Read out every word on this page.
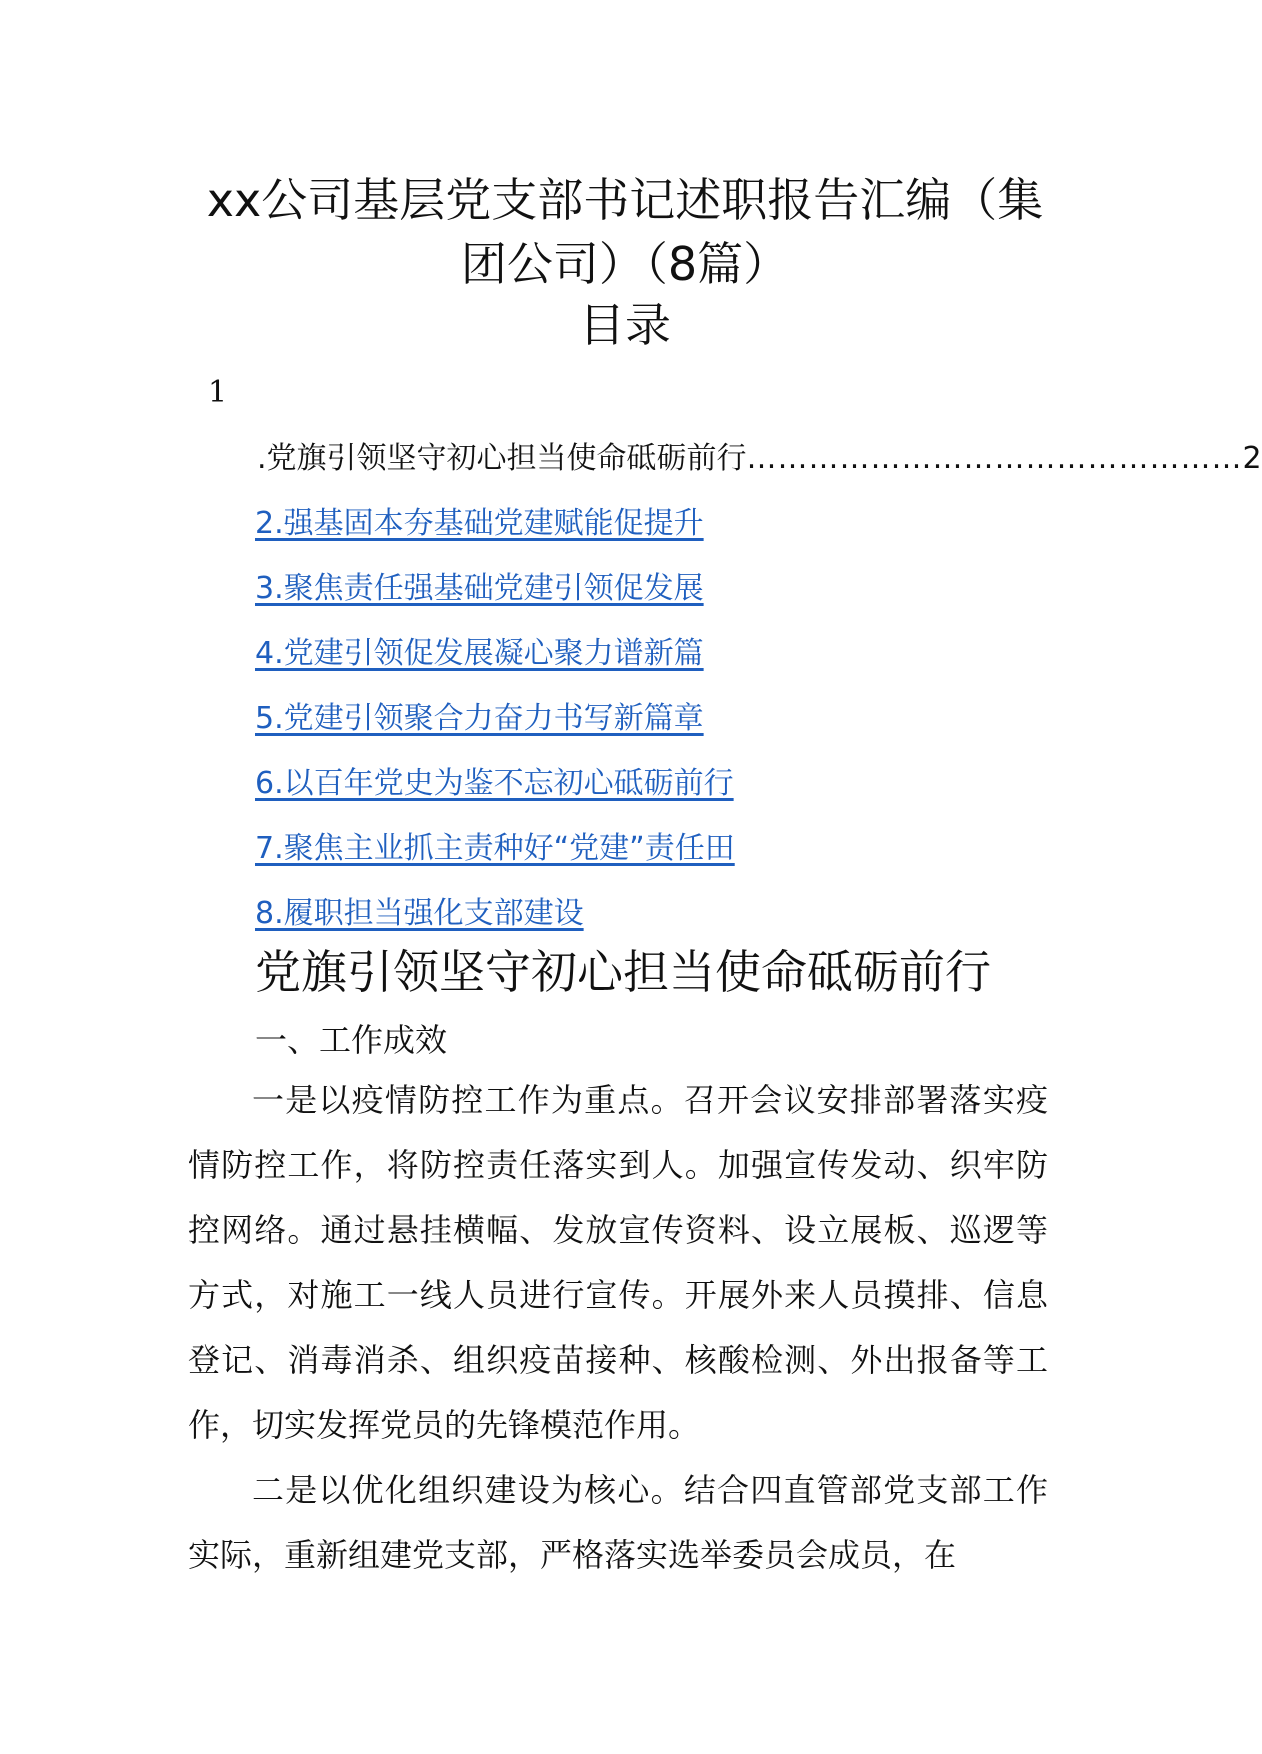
xx公司基层党支部书记述职报告汇编（集团公司）（8篇）
目录
1
.党旗引领坚守初心担当使命砥砺前行 ………………………………………… 2
2.强基固本夯基础党建赋能促提升
3.聚焦责任强基础党建引领促发展
4.党建引领促发展凝心聚力谱新篇
5.党建引领聚合力奋力书写新篇章
6.以百年党史为鉴不忘初心砥砺前行
7.聚焦主业抓主责种好“党建”责任田
8.履职担当强化支部建设
党旗引领坚守初心担当使命砥砺前行
一、工作成效

一是以疫情防控工作为重点。召开会议安排部署落实疫情防控工作，将防控责任落实到人。加强宣传发动、织牢防控网络。通过悬挂横幅、发放宣传资料、设立展板、巡逻等方式，对施工一线人员进行宣传。开展外来人员摸排、信息登记、消毒消杀、组织疫苗接种、核酸检测、外出报备等工作，切实发挥党员的先锋模范作用。

二是以优化组织建设为核心。结合四直管部党支部工作实际，重新组建党支部，严格落实选举委员会成员，在
